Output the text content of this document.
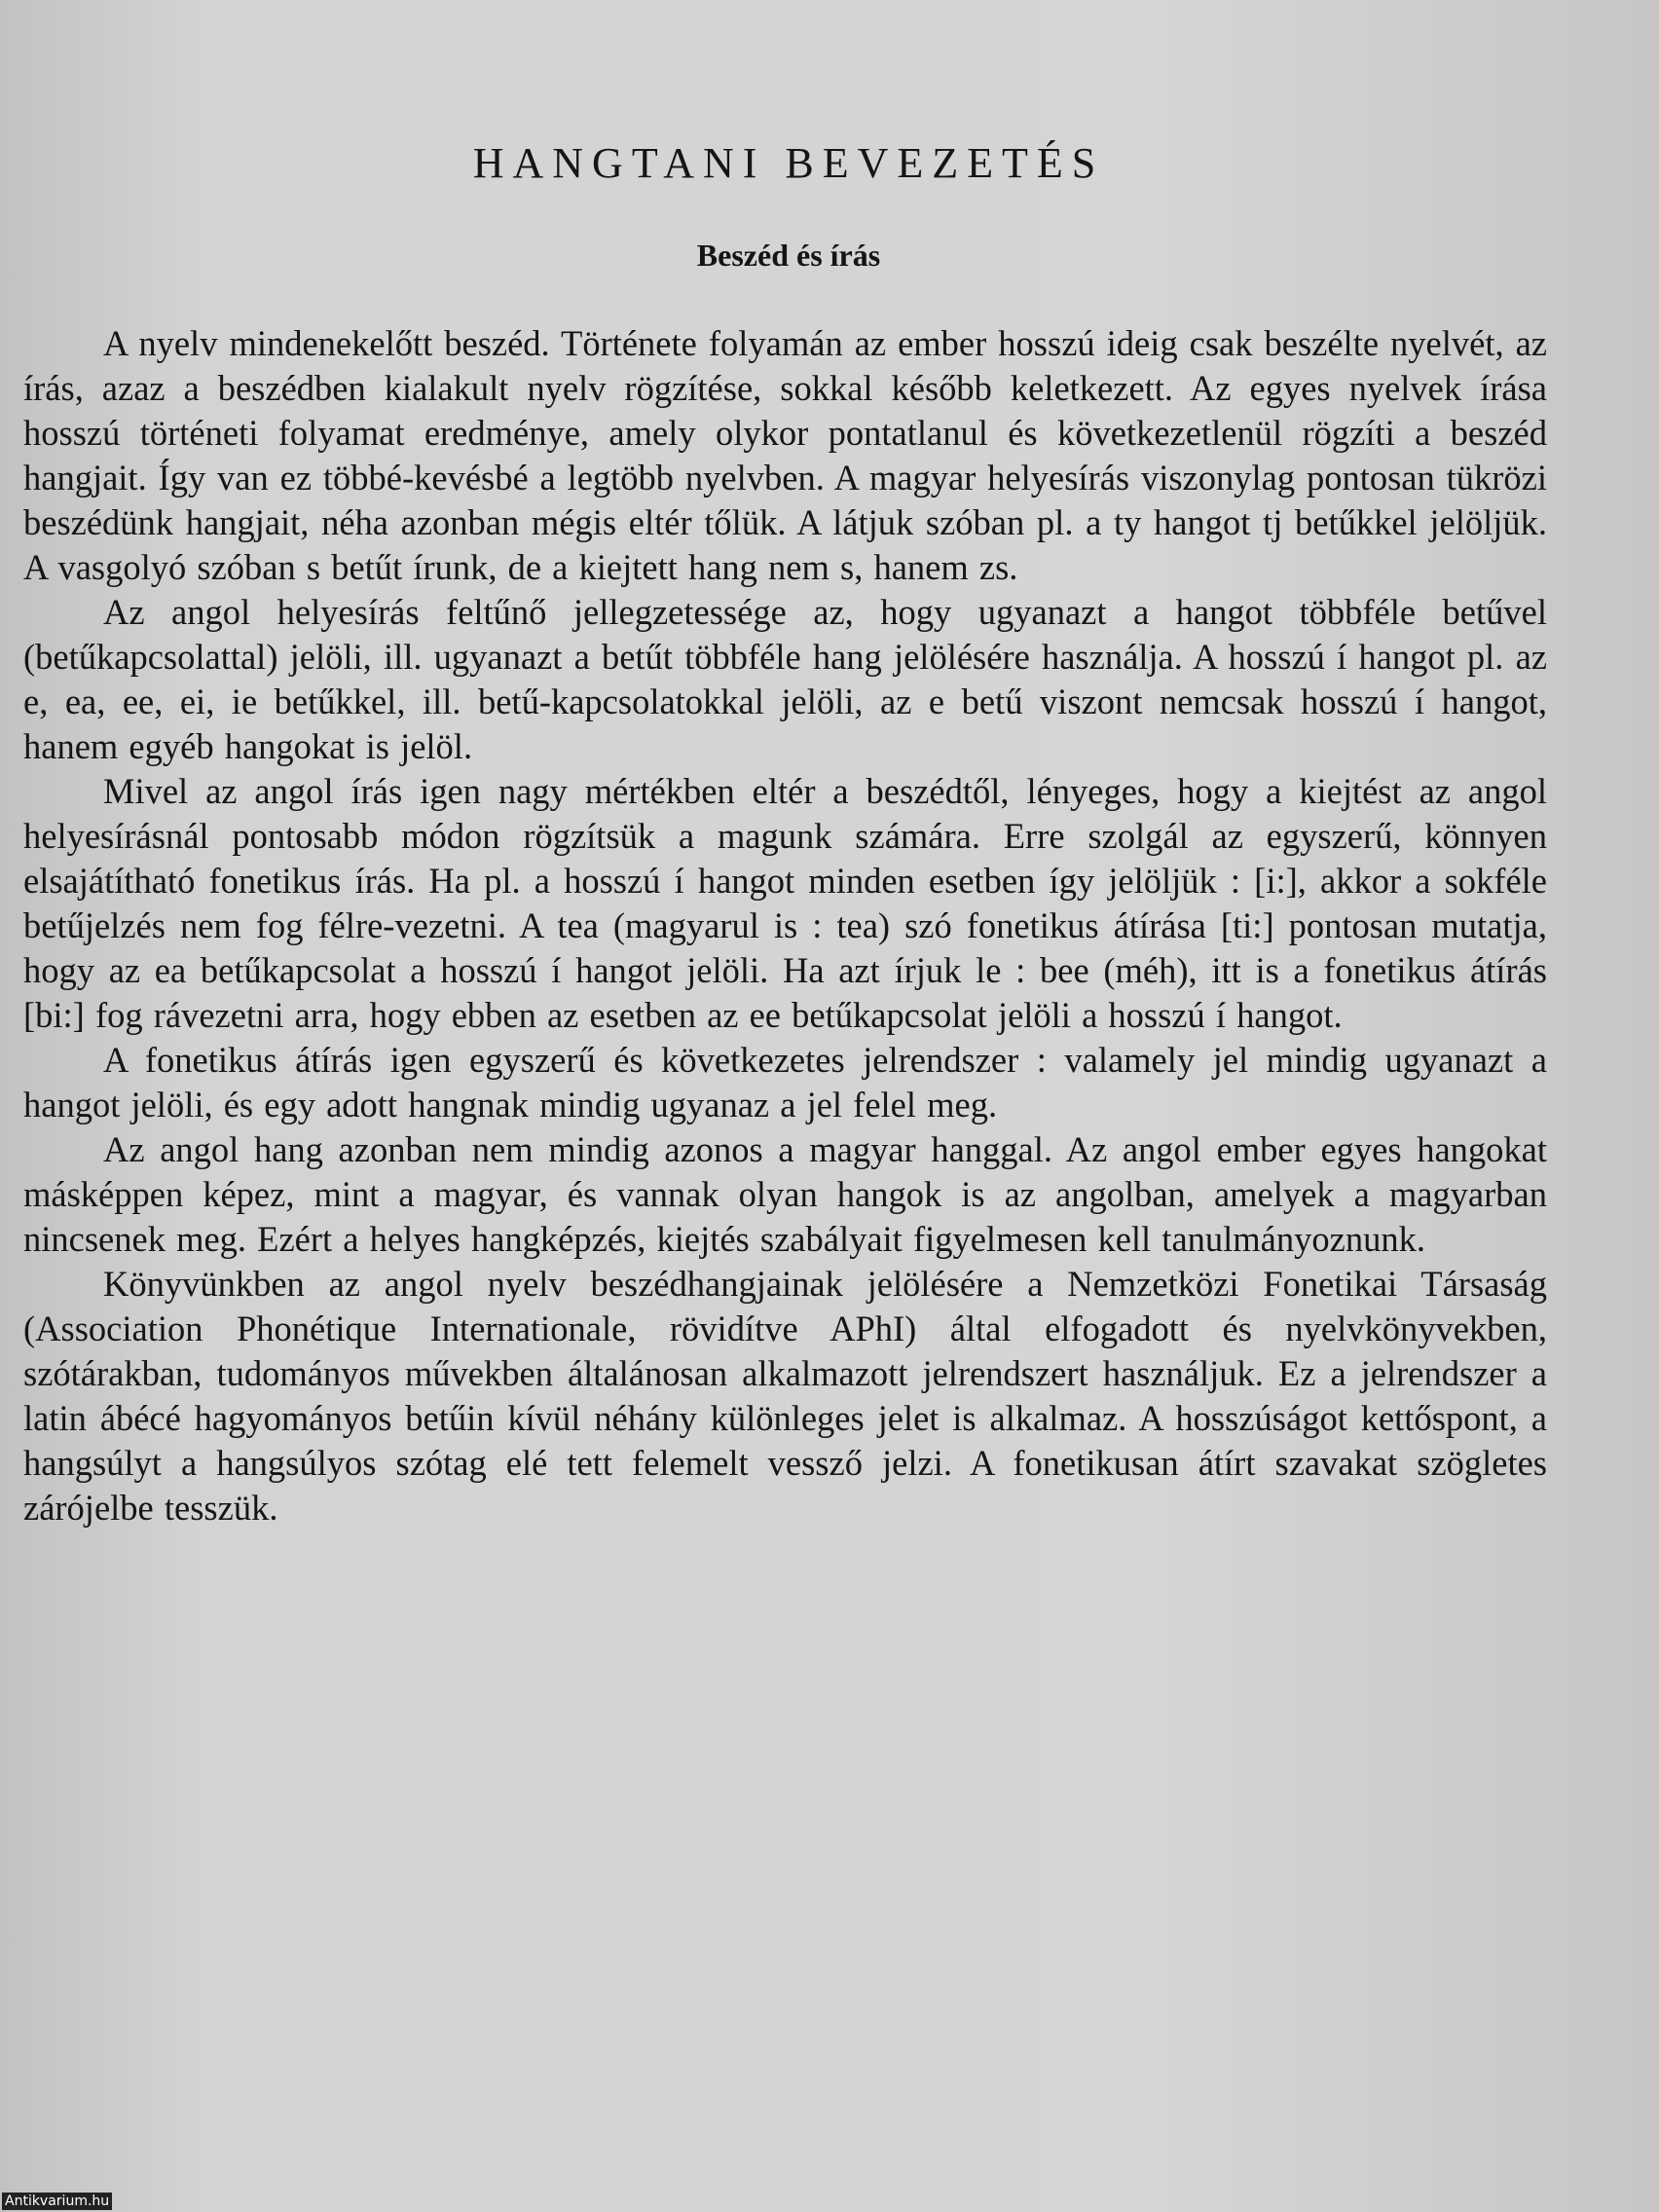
HANGTANI BEVEZETÉS
Beszéd és írás

A nyelv mindenekelőtt beszéd. Története folyamán az ember hosszú ideig csak beszélte nyelvét, az írás, azaz a beszédben kialakult nyelv rögzítése, sokkal később keletkezett. Az egyes nyelvek írása hosszú történeti folyamat eredménye, amely olykor pontatlanul és következetlenül rögzíti a beszéd hangjait. Így van ez többé-kevésbé a legtöbb nyelvben. A magyar helyesírás viszonylag pontosan tükrözi beszédünk hangjait, néha azonban mégis eltér tőlük. A látjuk szóban pl. a ty hangot tj betűkkel jelöljük. A vasgolyó szóban s betűt írunk, de a kiejtett hang nem s, hanem zs.

Az angol helyesírás feltűnő jellegzetessége az, hogy ugyanazt a hangot többféle betűvel (betűkapcsolattal) jelöli, ill. ugyanazt a betűt többféle hang jelölésére használja. A hosszú í hangot pl. az e, ea, ee, ei, ie betűkkel, ill. betű-kapcsolatokkal jelöli, az e betű viszont nemcsak hosszú í hangot, hanem egyéb hangokat is jelöl.

Mivel az angol írás igen nagy mértékben eltér a beszédtől, lényeges, hogy a kiejtést az angol helyesírásnál pontosabb módon rögzítsük a magunk számára. Erre szolgál az egyszerű, könnyen elsajátítható fonetikus írás. Ha pl. a hosszú í hangot minden esetben így jelöljük : [i:], akkor a sokféle betűjelzés nem fog félre-vezetni. A tea (magyarul is : tea) szó fonetikus átírása [ti:] pontosan mutatja, hogy az ea betűkapcsolat a hosszú í hangot jelöli. Ha azt írjuk le : bee (méh), itt is a fonetikus átírás [bi:] fog rávezetni arra, hogy ebben az esetben az ee betűkapcsolat jelöli a hosszú í hangot.

A fonetikus átírás igen egyszerű és következetes jelrendszer : valamely jel mindig ugyanazt a hangot jelöli, és egy adott hangnak mindig ugyanaz a jel felel meg.

Az angol hang azonban nem mindig azonos a magyar hanggal. Az angol ember egyes hangokat másképpen képez, mint a magyar, és vannak olyan hangok is az angolban, amelyek a magyarban nincsenek meg. Ezért a helyes hangképzés, kiejtés szabályait figyelmesen kell tanulmányoznunk.

Könyvünkben az angol nyelv beszédhangjainak jelölésére a Nemzetközi Fonetikai Társaság (Association Phonétique Internationale, rövidítve APhI) által elfogadott és nyelvkönyvekben, szótárakban, tudományos művekben általánosan alkalmazott jelrendszert használjuk. Ez a jelrendszer a latin ábécé hagyományos betűin kívül néhány különleges jelet is alkalmaz. A hosszúságot kettőspont, a hangsúlyt a hangsúlyos szótag elé tett felemelt vessző jelzi. A fonetikusan átírt szavakat szögletes zárójelbe tesszük.

Antikvarium.hu
